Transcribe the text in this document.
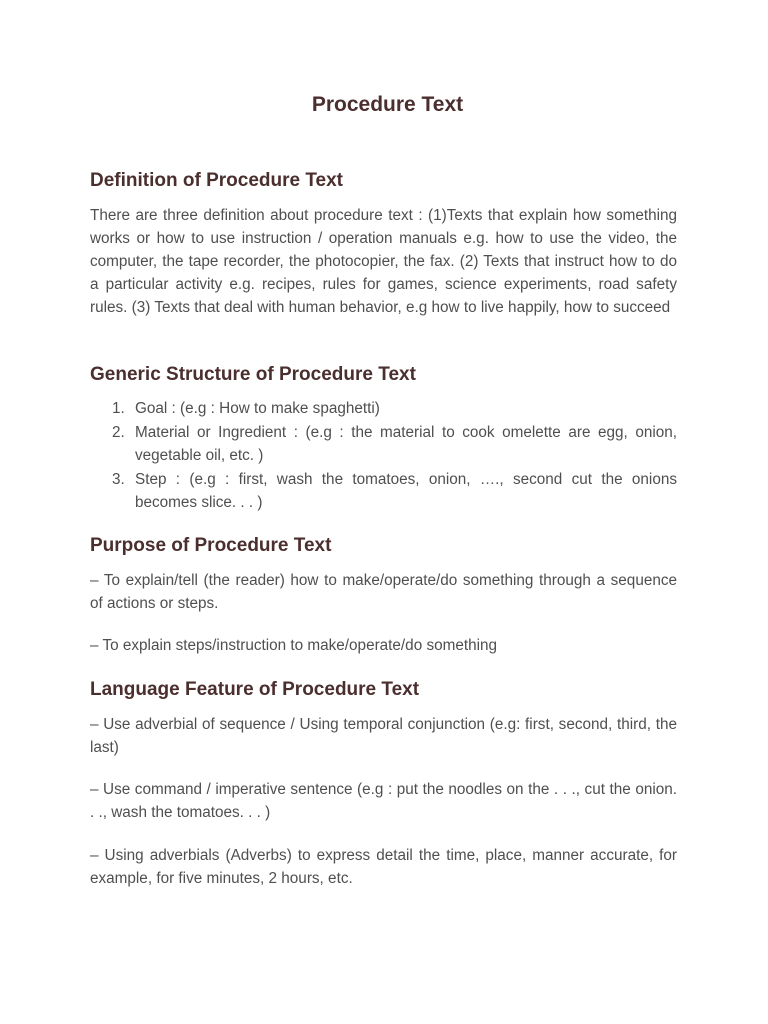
Procedure Text
Definition of Procedure Text

There are three definition about procedure text : (1)Texts that explain how something works or how to use instruction / operation manuals e.g. how to use the video, the computer, the tape recorder, the photocopier, the fax. (2) Texts that instruct how to do a particular activity e.g. recipes, rules for games, science experiments, road safety rules. (3) Texts that deal with human behavior, e.g how to live happily, how to succeed

Generic Structure of Procedure Text
1. Goal : (e.g : How to make spaghetti)
2. Material or Ingredient : (e.g : the material to cook omelette are egg, onion, vegetable oil, etc. )
3. Step : (e.g : first, wash the tomatoes, onion, …., second cut the onions becomes slice. . . )
Purpose of Procedure Text

– To explain/tell (the reader) how to make/operate/do something through a sequence of actions or steps.

– To explain steps/instruction to make/operate/do something

Language Feature of Procedure Text

– Use adverbial of sequence / Using temporal conjunction (e.g: first, second, third, the last)

– Use command / imperative sentence (e.g : put the noodles on the . . ., cut the onion. . ., wash the tomatoes. . . )

– Using adverbials (Adverbs) to express detail the time, place, manner accurate, for example, for five minutes, 2 hours, etc.
